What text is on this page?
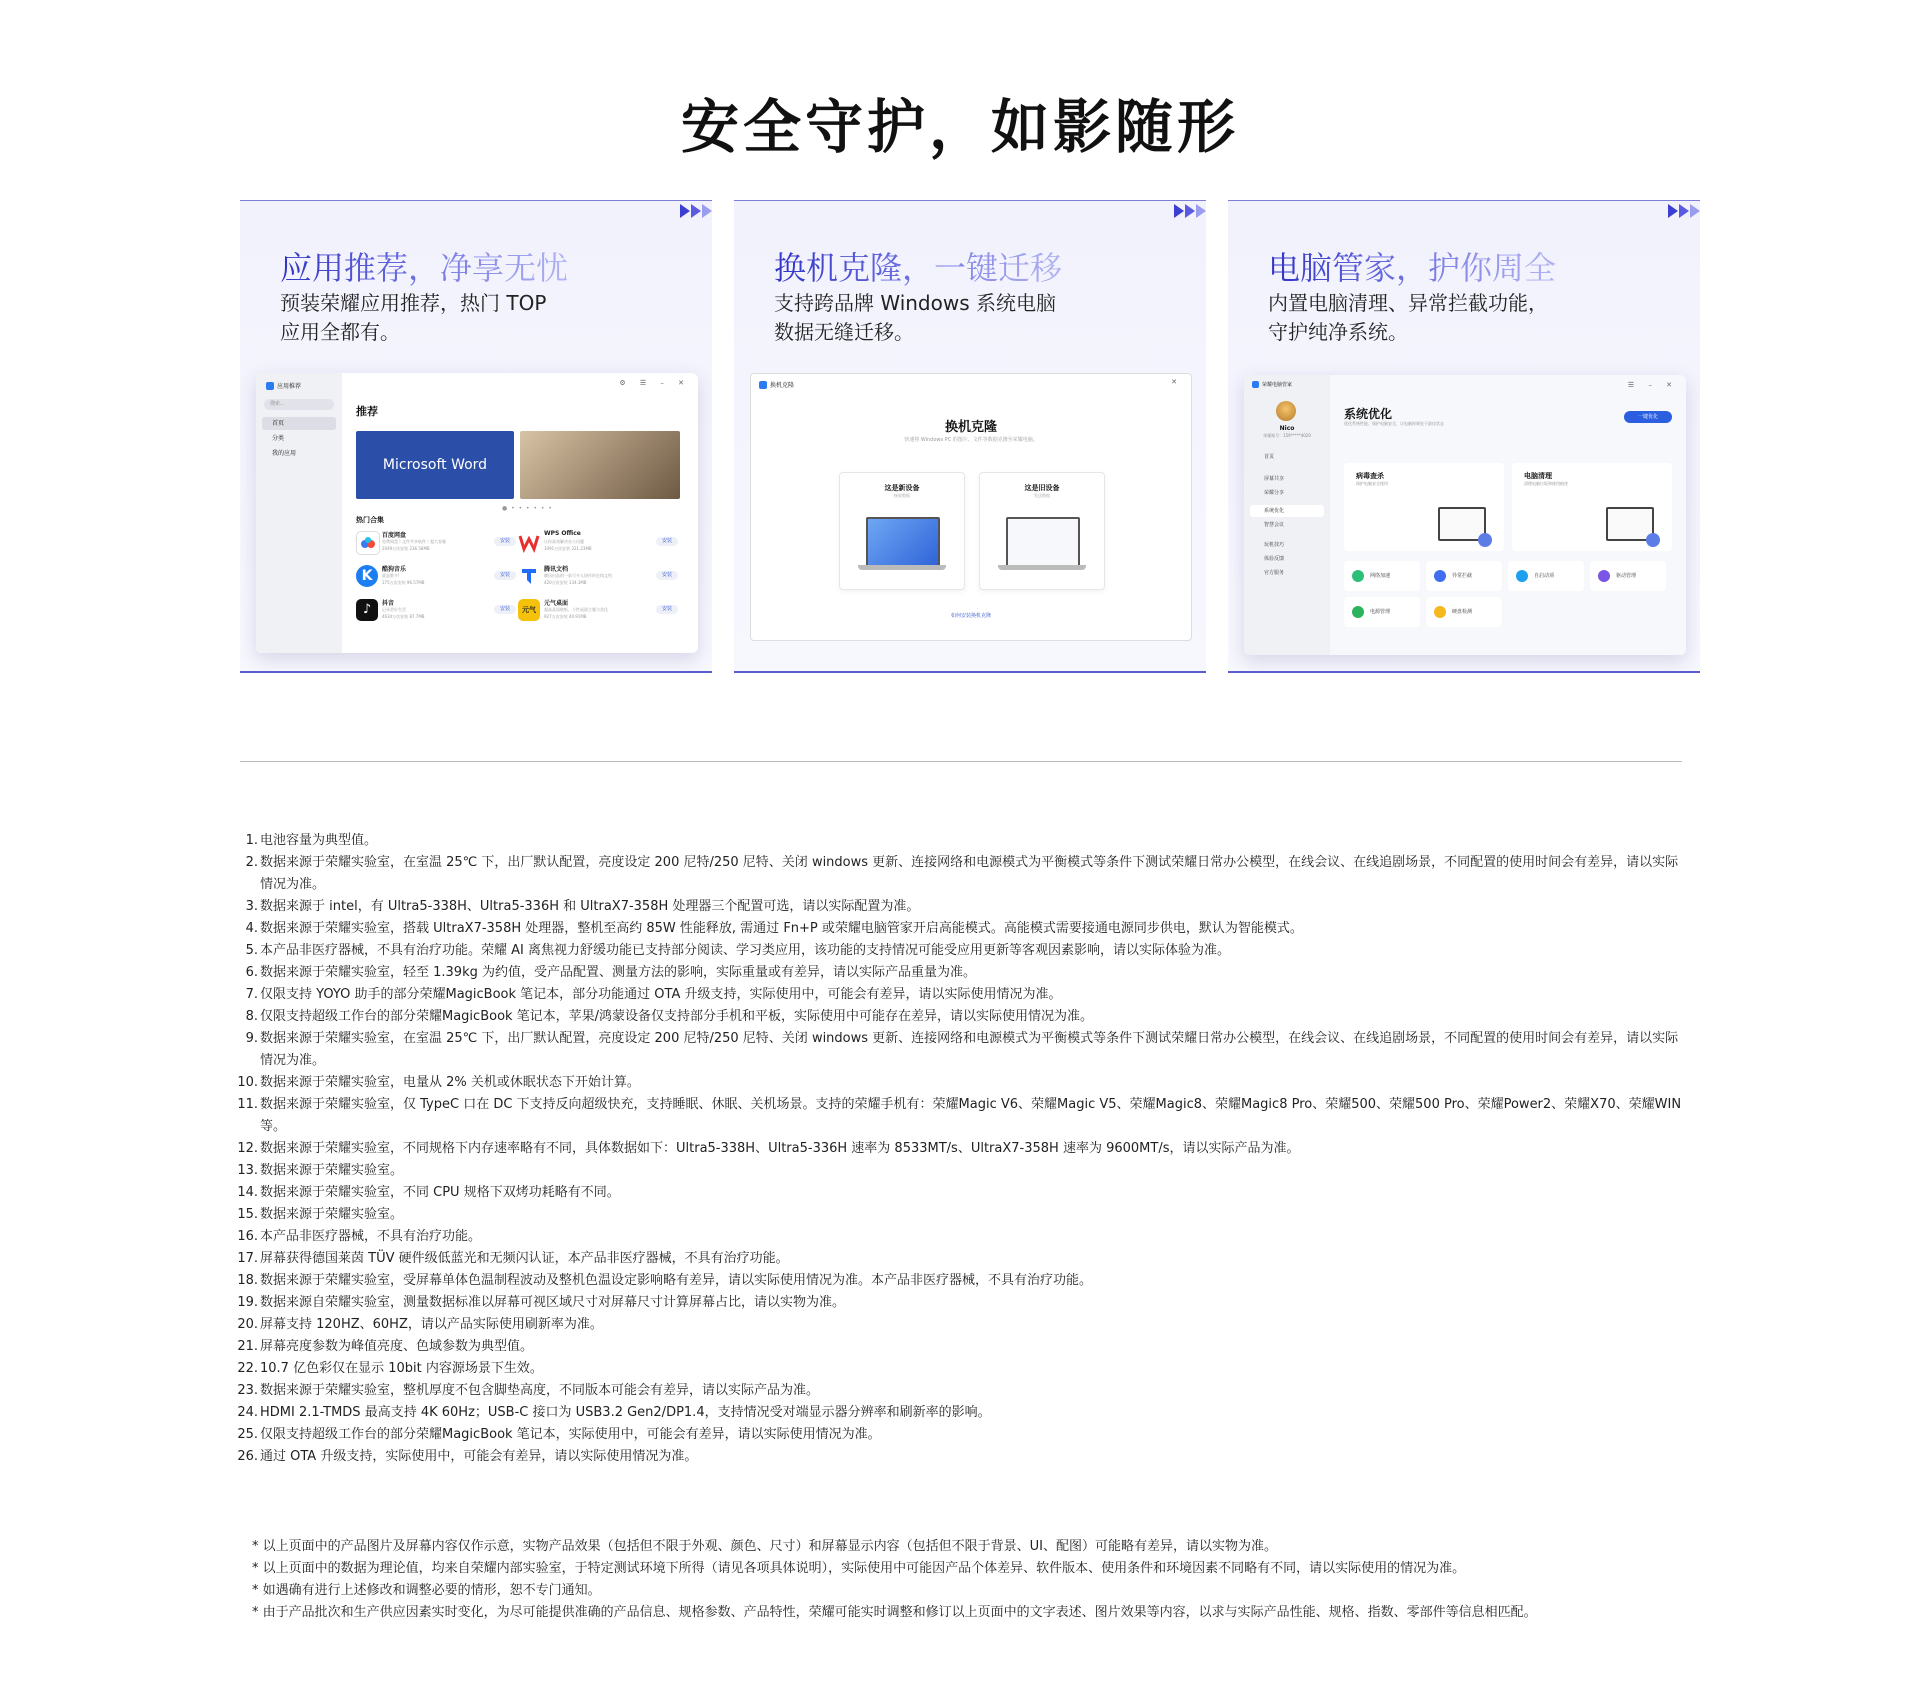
安全守护，如影随形
应用推荐，净享无忧

预装荣耀应用推荐，热门 TOP
应用全都有。

应用推荐
搜索...
首页
分类
我的应用
⚙ ☰ – ✕
推荐
Microsoft Word
● • • • • • •
热门合集
百度网盘
免费网盘丨文件共享软件丨超大容量
2049万次安装 236.58MB
安装
WPS Office
让你高效解决办公问题
1091万次安装 221.23MB
安装
K	酷狗音乐
就是歌多!
375万次安装 96.57MB
安装
腾讯文档
腾讯出品的一款可多人协作的在线文档
420万次安装 134.3MB
安装
♪	抖音
记录美好生活
4634万次安装 87.7MB
安装	元气
元气桌面
超高品质壁纸，个性桌面主题与美化
927万次安装 40.91MB
安装
换机克隆，一键迁移

支持跨品牌 Windows 系统电脑
数据无缝迁移。

换机克隆	✕
换机克隆
快速将 Windows PC 的图片、文件等数据克隆至荣耀电脑。
这是新设备
接收数据
这是旧设备
发送数据
如何安装换机克隆
电脑管家，护你周全

内置电脑清理、异常拦截功能，
守护纯净系统。

荣耀电脑管家
Nico
荣耀账号：159*****4020
首页
屏幕共享
荣耀分享
系统优化
智慧会议
玩机技巧
体验反馈
官方服务
☰ – ✕
系统优化
优化系统性能、保护电脑安全，让电脑时刻处于最佳状态
一键优化
病毒查杀
保护电脑安全使用
电脑清理
清理电脑垃圾和使用痕迹
网络加速	异常拦截	自启动项	驱动管理
电源管理	硬盘检测
1. 电池容量为典型值。
2. 数据来源于荣耀实验室，在室温 25℃ 下，出厂默认配置，亮度设定 200 尼特/250 尼特、关闭 windows 更新、连接网络和电源模式为平衡模式等条件下测试荣耀日常办公模型，在线会议、在线追剧场景，不同配置的使用时间会有差异，请以实际情况为准。
3. 数据来源于 intel，有 Ultra5-338H、Ultra5-336H 和 UltraX7-358H 处理器三个配置可选，请以实际配置为准。
4. 数据来源于荣耀实验室，搭载 UltraX7-358H 处理器，整机至高约 85W 性能释放, 需通过 Fn+P 或荣耀电脑管家开启高能模式。高能模式需要接通电源同步供电，默认为智能模式。
5. 本产品非医疗器械，不具有治疗功能。荣耀 AI 离焦视力舒缓功能已支持部分阅读、学习类应用，该功能的支持情况可能受应用更新等客观因素影响，请以实际体验为准。
6. 数据来源于荣耀实验室，轻至 1.39kg 为约值，受产品配置、测量方法的影响，实际重量或有差异，请以实际产品重量为准。
7. 仅限支持 YOYO 助手的部分荣耀MagicBook 笔记本，部分功能通过 OTA 升级支持，实际使用中，可能会有差异，请以实际使用情况为准。
8. 仅限支持超级工作台的部分荣耀MagicBook 笔记本，苹果/鸿蒙设备仅支持部分手机和平板，实际使用中可能存在差异，请以实际使用情况为准。
9. 数据来源于荣耀实验室，在室温 25℃ 下，出厂默认配置，亮度设定 200 尼特/250 尼特、关闭 windows 更新、连接网络和电源模式为平衡模式等条件下测试荣耀日常办公模型，在线会议、在线追剧场景，不同配置的使用时间会有差异，请以实际情况为准。
10. 数据来源于荣耀实验室，电量从 2% 关机或休眠状态下开始计算。
11. 数据来源于荣耀实验室，仅 TypeC 口在 DC 下支持反向超级快充，支持睡眠、休眠、关机场景。支持的荣耀手机有：荣耀Magic V6、荣耀Magic V5、荣耀Magic8、荣耀Magic8 Pro、荣耀500、荣耀500 Pro、荣耀Power2、荣耀X70、荣耀WIN 等。
12. 数据来源于荣耀实验室，不同规格下内存速率略有不同，具体数据如下：Ultra5-338H、Ultra5-336H 速率为 8533MT/s、UltraX7-358H 速率为 9600MT/s，请以实际产品为准。
13. 数据来源于荣耀实验室。
14. 数据来源于荣耀实验室，不同 CPU 规格下双烤功耗略有不同。
15. 数据来源于荣耀实验室。
16. 本产品非医疗器械，不具有治疗功能。
17. 屏幕获得德国莱茵 TÜV 硬件级低蓝光和无频闪认证，本产品非医疗器械，不具有治疗功能。
18. 数据来源于荣耀实验室，受屏幕单体色温制程波动及整机色温设定影响略有差异，请以实际使用情况为准。本产品非医疗器械，不具有治疗功能。
19. 数据来源自荣耀实验室，测量数据标准以屏幕可视区域尺寸对屏幕尺寸计算屏幕占比，请以实物为准。
20. 屏幕支持 120HZ、60HZ，请以产品实际使用刷新率为准。
21. 屏幕亮度参数为峰值亮度、色域参数为典型值。
22. 10.7 亿色彩仅在显示 10bit 内容源场景下生效。
23. 数据来源于荣耀实验室，整机厚度不包含脚垫高度，不同版本可能会有差异，请以实际产品为准。
24. HDMI 2.1-TMDS 最高支持 4K 60Hz；USB-C 接口为 USB3.2 Gen2/DP1.4，支持情况受对端显示器分辨率和刷新率的影响。
25. 仅限支持超级工作台的部分荣耀MagicBook 笔记本，实际使用中，可能会有差异，请以实际使用情况为准。
26. 通过 OTA 升级支持，实际使用中，可能会有差异，请以实际使用情况为准。
* 以上页面中的产品图片及屏幕内容仅作示意，实物产品效果（包括但不限于外观、颜色、尺寸）和屏幕显示内容（包括但不限于背景、UI、配图）可能略有差异，请以实物为准。
* 以上页面中的数据为理论值，均来自荣耀内部实验室，于特定测试环境下所得（请见各项具体说明），实际使用中可能因产品个体差异、软件版本、使用条件和环境因素不同略有不同，请以实际使用的情况为准。
* 如遇确有进行上述修改和调整必要的情形，恕不专门通知。
* 由于产品批次和生产供应因素实时变化，为尽可能提供准确的产品信息、规格参数、产品特性，荣耀可能实时调整和修订以上页面中的文字表述、图片效果等内容，以求与实际产品性能、规格、指数、零部件等信息相匹配。
